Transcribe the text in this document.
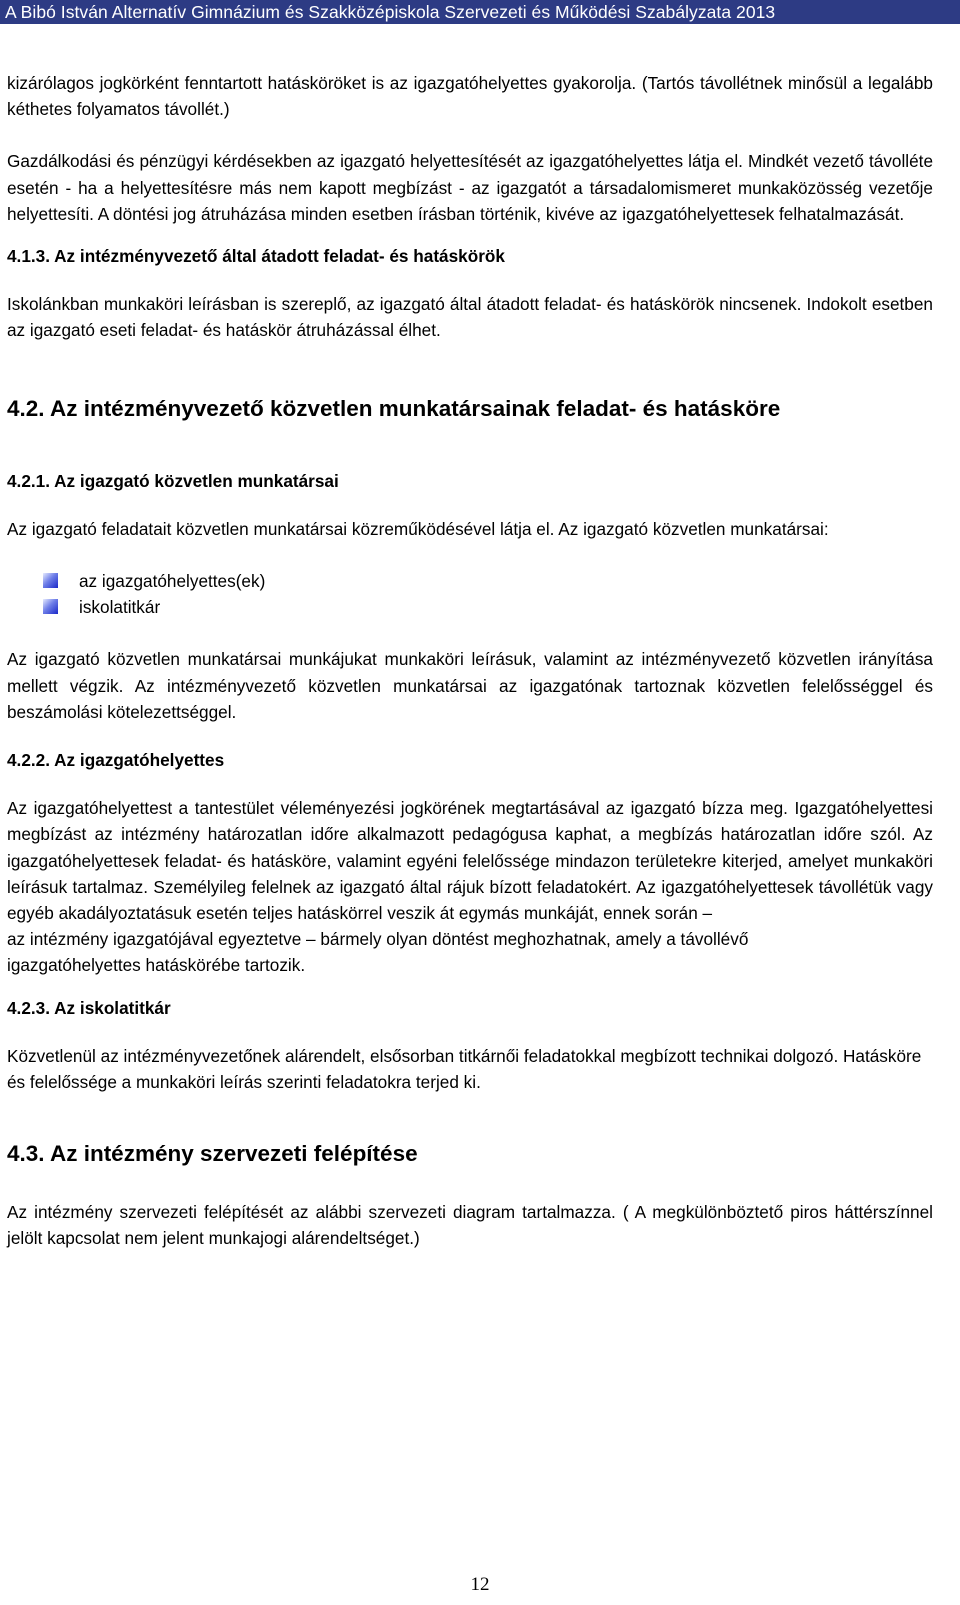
A Bibó István Alternatív Gimnázium és Szakközépiskola Szervezeti és Működési Szabályzata 2013

kizárólagos jogkörként fenntartott hatásköröket is az igazgatóhelyettes gyakorolja. (Tartós távollétnek minősül a legalább kéthetes folyamatos távollét.)

Gazdálkodási és pénzügyi kérdésekben az igazgató helyettesítését az igazgatóhelyettes látja el. Mindkét vezető távolléte esetén - ha a helyettesítésre más nem kapott megbízást - az igazgatót a társadalomismeret munkaközösség vezetője helyettesíti. A döntési jog átruházása minden esetben írásban történik, kivéve az igazgatóhelyettesek felhatalmazását.

4.1.3. Az intézményvezető által átadott feladat- és hatáskörök

Iskolánkban munkaköri leírásban is szereplő, az igazgató által átadott feladat- és hatáskörök nincsenek. Indokolt esetben az igazgató eseti feladat- és hatáskör átruházással élhet.

4.2. Az intézményvezető közvetlen munkatársainak feladat- és hatásköre

4.2.1. Az igazgató közvetlen munkatársai

Az igazgató feladatait közvetlen munkatársai közreműködésével látja el. Az igazgató közvetlen munkatársai:

az igazgatóhelyettes(ek)
iskolatitkár

Az igazgató közvetlen munkatársai munkájukat munkaköri leírásuk, valamint az intézményvezető közvetlen irányítása mellett végzik. Az intézményvezető közvetlen munkatársai az igazgatónak tartoznak közvetlen felelősséggel és beszámolási kötelezettséggel.

4.2.2. Az igazgatóhelyettes

Az igazgatóhelyettest a tantestület véleményezési jogkörének megtartásával az igazgató bízza meg. Igazgatóhelyettesi megbízást az intézmény határozatlan időre alkalmazott pedagógusa kaphat, a megbízás határozatlan időre szól. Az igazgatóhelyettesek feladat- és hatásköre, valamint egyéni felelőssége mindazon területekre kiterjed, amelyet munkaköri leírásuk tartalmaz. Személyileg felelnek az igazgató által rájuk bízott feladatokért. Az igazgatóhelyettesek távollétük vagy egyéb akadályoztatásuk esetén teljes hatáskörrel veszik át egymás munkáját, ennek során –

az intézmény igazgatójával egyeztetve – bármely olyan döntést meghozhatnak, amely a távollévő

igazgatóhelyettes hatáskörébe tartozik.

4.2.3. Az iskolatitkár

Közvetlenül az intézményvezetőnek alárendelt, elsősorban titkárnői feladatokkal megbízott technikai dolgozó. Hatásköre és felelőssége a munkaköri leírás szerinti feladatokra terjed ki.

4.3. Az intézmény szervezeti felépítése

Az intézmény szervezeti felépítését az alábbi szervezeti diagram tartalmazza. ( A megkülönböztető piros háttérszínnel jelölt kapcsolat nem jelent munkajogi alárendeltséget.)

12
